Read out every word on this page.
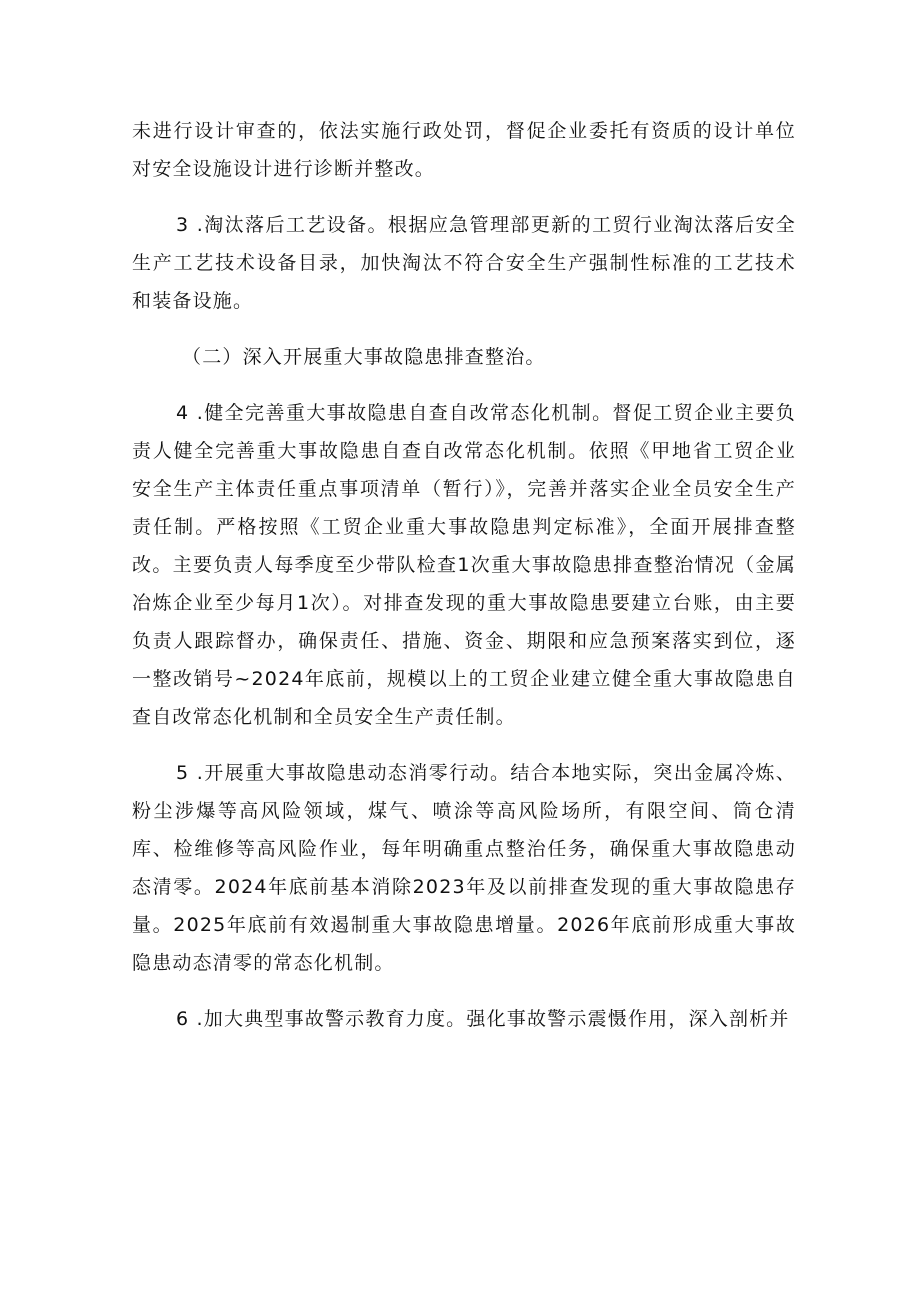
未进行设计审查的，依法实施行政处罚，督促企业委托有资质的设计单位对安全设施设计进行诊断并整改。

3 .淘汰落后工艺设备。根据应急管理部更新的工贸行业淘汰落后安全生产工艺技术设备目录，加快淘汰不符合安全生产强制性标准的工艺技术和装备设施。

（二）深入开展重大事故隐患排查整治。

4 .健全完善重大事故隐患自查自改常态化机制。督促工贸企业主要负责人健全完善重大事故隐患自查自改常态化机制。依照《甲地省工贸企业安全生产主体责任重点事项清单（暂行）》，完善并落实企业全员安全生产责任制。严格按照《工贸企业重大事故隐患判定标准》，全面开展排查整改。主要负责人每季度至少带队检查1次重大事故隐患排查整治情况（金属冶炼企业至少每月1次）。对排查发现的重大事故隐患要建立台账，由主要负责人跟踪督办，确保责任、措施、资金、期限和应急预案落实到位，逐一整改销号~2024年底前，规模以上的工贸企业建立健全重大事故隐患自查自改常态化机制和全员安全生产责任制。

5 .开展重大事故隐患动态消零行动。结合本地实际，突出金属冷炼、粉尘涉爆等高风险领域，煤气、喷涂等高风险场所，有限空间、筒仓清库、检维修等高风险作业，每年明确重点整治任务，确保重大事故隐患动态清零。2024年底前基本消除2023年及以前排查发现的重大事故隐患存量。2025年底前有效遏制重大事故隐患增量。2026年底前形成重大事故隐患动态清零的常态化机制。

6 .加大典型事故警示教育力度。强化事故警示震慑作用，深入剖析并
